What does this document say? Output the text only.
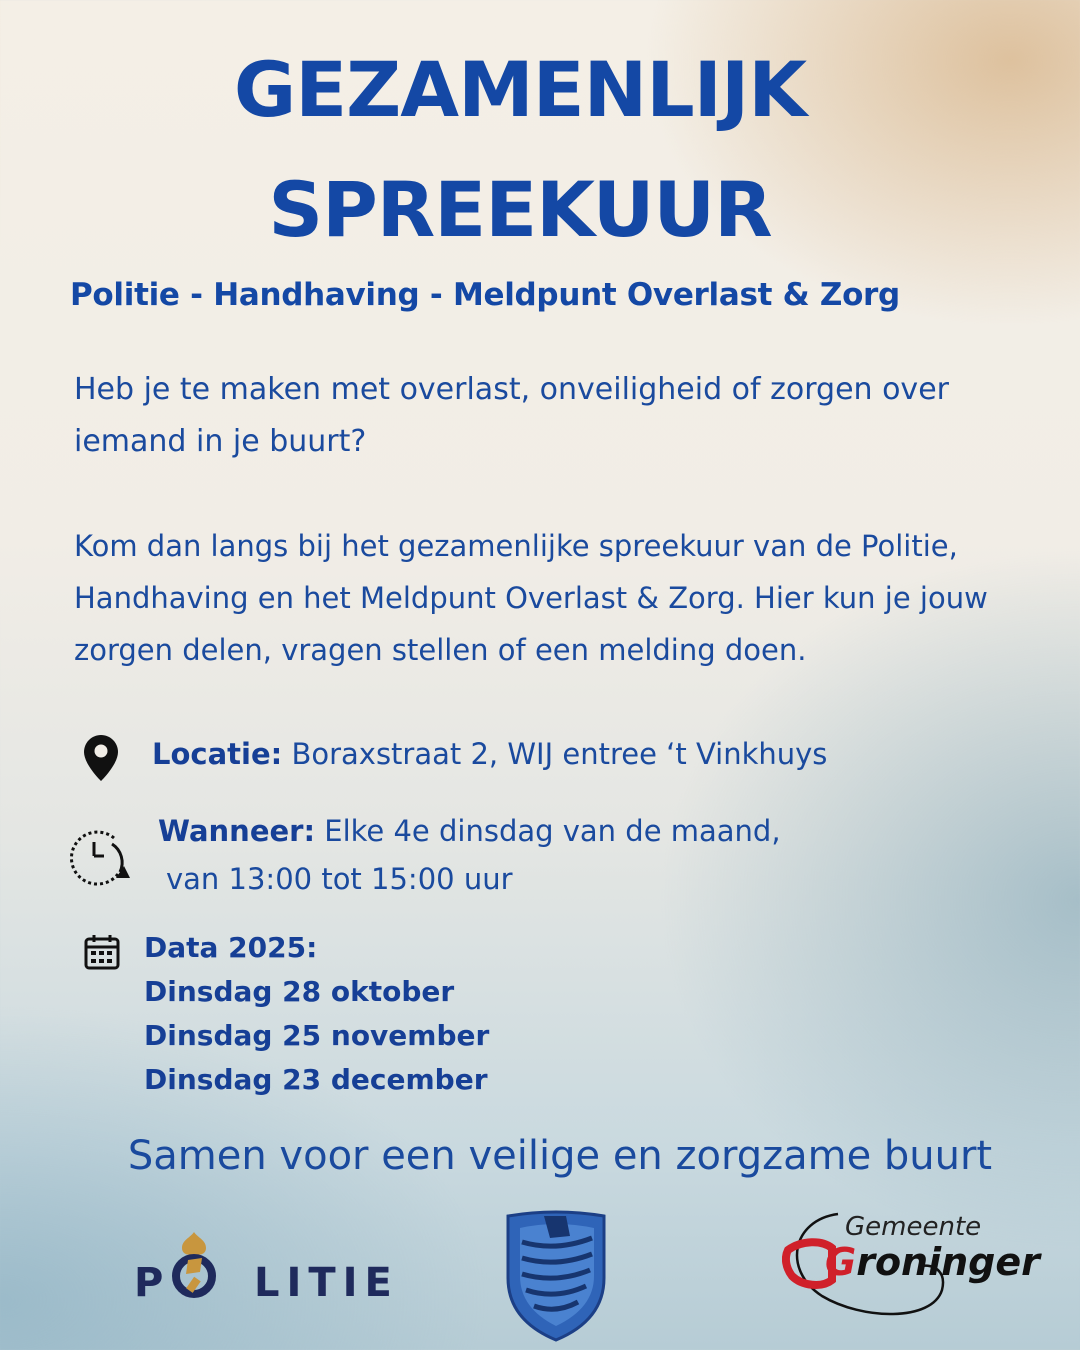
GEZAMENLIJK
SPREEKUUR
Politie - Handhaving - Meldpunt Overlast & Zorg

Heb je te maken met overlast, onveiligheid of zorgen over
iemand in je buurt?

Kom dan langs bij het gezamenlijke spreekuur van de Politie,
Handhaving en het Meldpunt Overlast & Zorg. Hier kun je jouw
zorgen delen, vragen stellen of een melding doen.

Locatie: Boraxstraat 2, WIJ entree ‘t Vinkhuys
Wanneer: Elke 4e dinsdag van de maand,
van 13:00 tot 15:00 uur
Data 2025:
Dinsdag 28 oktober
Dinsdag 25 november
Dinsdag 23 december
Samen voor een veilige en zorgzame buurt
P    LITIE
Gemeente
Groninger
